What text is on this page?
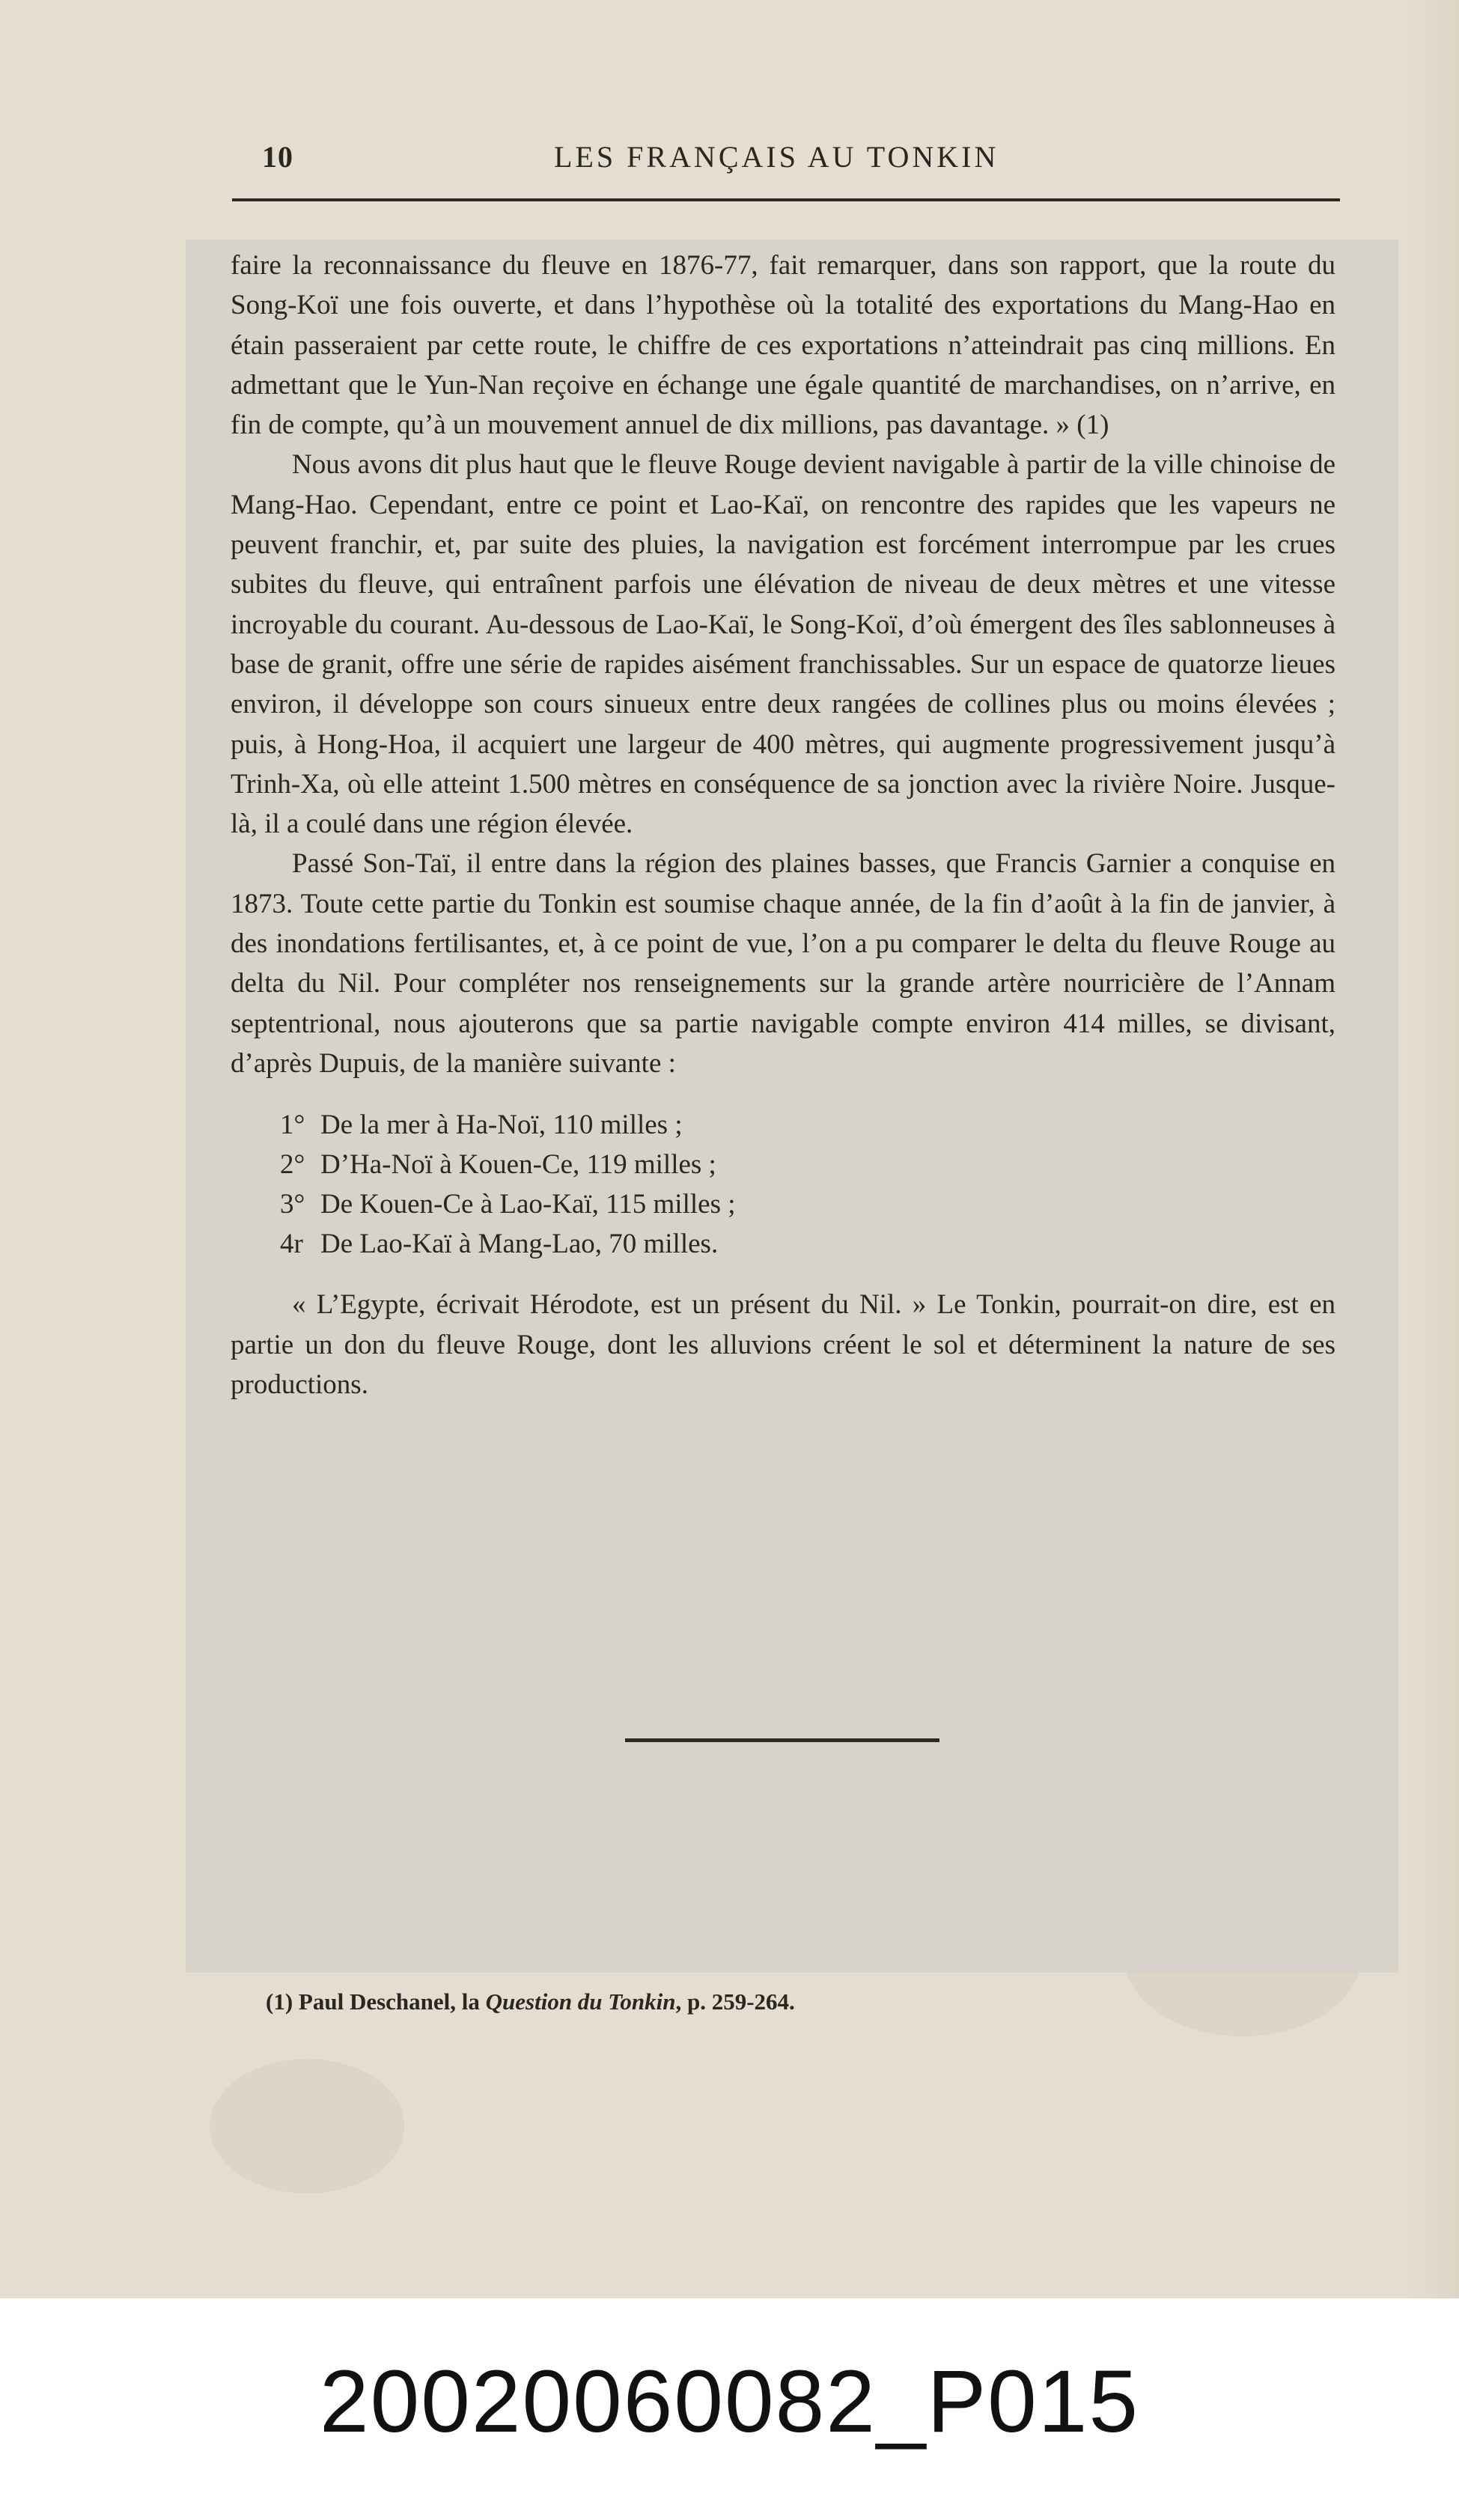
10	LES FRANÇAIS AU TONKIN

faire la reconnaissance du fleuve en 1876-77, fait remarquer, dans son rapport, que la route du Song-Koï une fois ouverte, et dans l’hypothèse où la totalité des exportations du Mang-Hao en étain passeraient par cette route, le chiffre de ces exportations n’atteindrait pas cinq millions. En admettant que le Yun-Nan reçoive en échange une égale quantité de marchandises, on n’arrive, en fin de compte, qu’à un mouvement annuel de dix millions, pas davantage. » (1)

Nous avons dit plus haut que le fleuve Rouge devient navigable à partir de la ville chinoise de Mang-Hao. Cependant, entre ce point et Lao-Kaï, on rencontre des rapides que les vapeurs ne peuvent franchir, et, par suite des pluies, la navigation est forcément interrompue par les crues subites du fleuve, qui entraînent parfois une élévation de niveau de deux mètres et une vitesse incroyable du courant. Au-dessous de Lao-Kaï, le Song-Koï, d’où émergent des îles sablonneuses à base de granit, offre une série de rapides aisément franchissables. Sur un espace de quatorze lieues environ, il développe son cours sinueux entre deux rangées de collines plus ou moins élevées ; puis, à Hong-Hoa, il acquiert une largeur de 400 mètres, qui augmente progressivement jusqu’à Trinh-Xa, où elle atteint 1.500 mètres en conséquence de sa jonction avec la rivière Noire. Jusque-là, il a coulé dans une région élevée.

Passé Son-Taï, il entre dans la région des plaines basses, que Francis Garnier a conquise en 1873. Toute cette partie du Tonkin est soumise chaque année, de la fin d’août à la fin de janvier, à des inondations fertilisantes, et, à ce point de vue, l’on a pu comparer le delta du fleuve Rouge au delta du Nil. Pour compléter nos renseignements sur la grande artère nourricière de l’Annam septentrional, nous ajouterons que sa partie navigable compte environ 414 milles, se divisant, d’après Dupuis, de la manière suivante :

1° De la mer à Ha-Noï, 110 milles ;
2° D’Ha-Noï à Kouen-Ce, 119 milles ;
3° De Kouen-Ce à Lao-Kaï, 115 milles ;
4r De Lao-Kaï à Mang-Lao, 70 milles.

« L’Egypte, écrivait Hérodote, est un présent du Nil. » Le Tonkin, pourrait-on dire, est en partie un don du fleuve Rouge, dont les alluvions créent le sol et déterminent la nature de ses productions.

(1) Paul Deschanel, la Question du Tonkin, p. 259-264.
20020060082_P015
